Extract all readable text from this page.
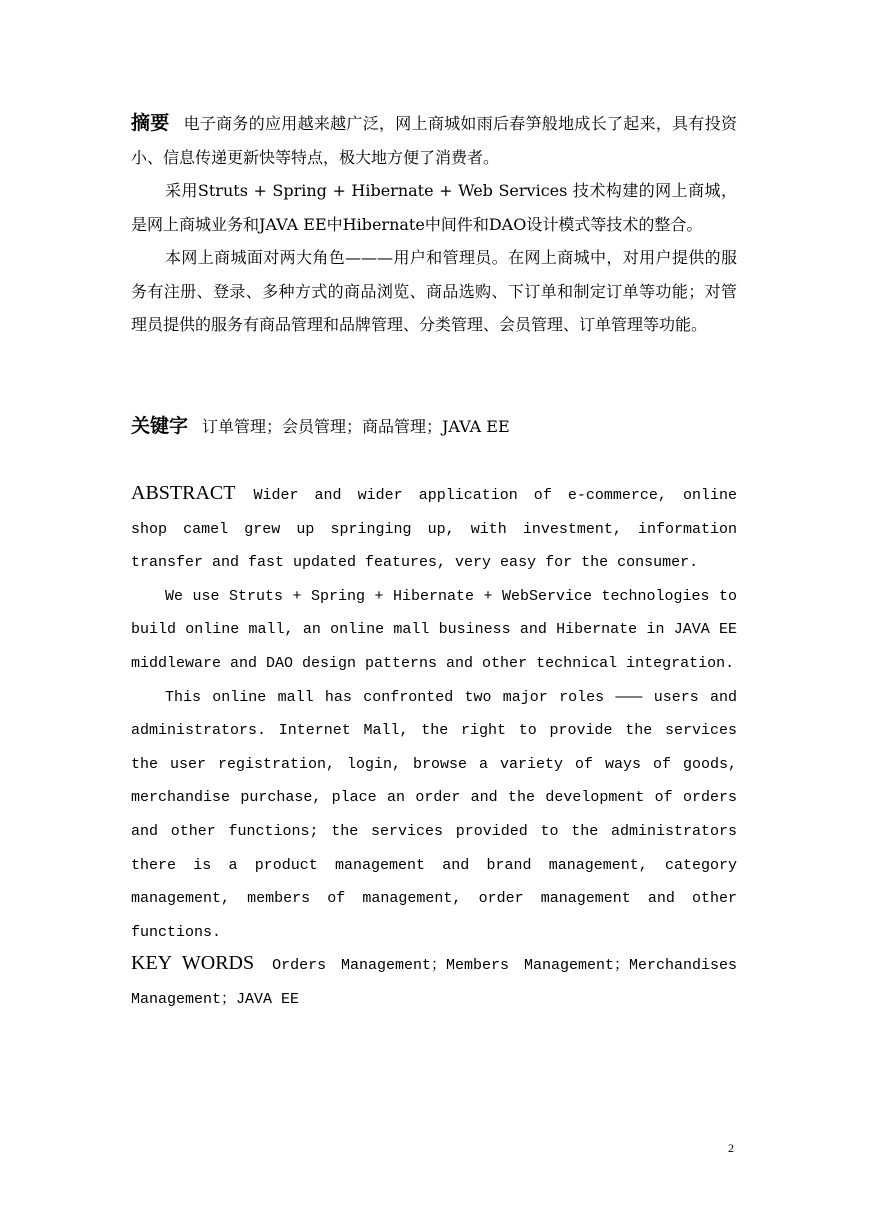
摘要 电子商务的应用越来越广泛，网上商城如雨后春笋般地成长了起来，具有投资小、信息传递更新快等特点，极大地方便了消费者。

采用Struts + Spring + Hibernate + Web Services 技术构建的网上商城，是网上商城业务和JAVA EE中Hibernate中间件和DAO设计模式等技术的整合。

本网上商城面对两大角色———用户和管理员。在网上商城中，对用户提供的服务有注册、登录、多种方式的商品浏览、商品选购、下订单和制定订单等功能；对管理员提供的服务有商品管理和品牌管理、分类管理、会员管理、订单管理等功能。

关键字 订单管理；会员管理；商品管理；JAVA EE

ABSTRACT Wider and wider application of e-commerce, online shop camel grew up springing up, with investment, information transfer and fast updated features, very easy for the consumer.

We use Struts + Spring + Hibernate + WebService technologies to build online mall, an online mall business and Hibernate in JAVA EE middleware and DAO design patterns and other technical integration.

This online mall has confronted two major roles ——— users and administrators. Internet Mall, the right to provide the services the user registration, login, browse a variety of ways of goods, merchandise purchase, place an order and the development of orders and other functions; the services provided to the administrators there is a product management and brand management, category management, members of management, order management and other functions.

KEY WORDS Orders Management；Members Management；Merchandises Management；JAVA EE

2
